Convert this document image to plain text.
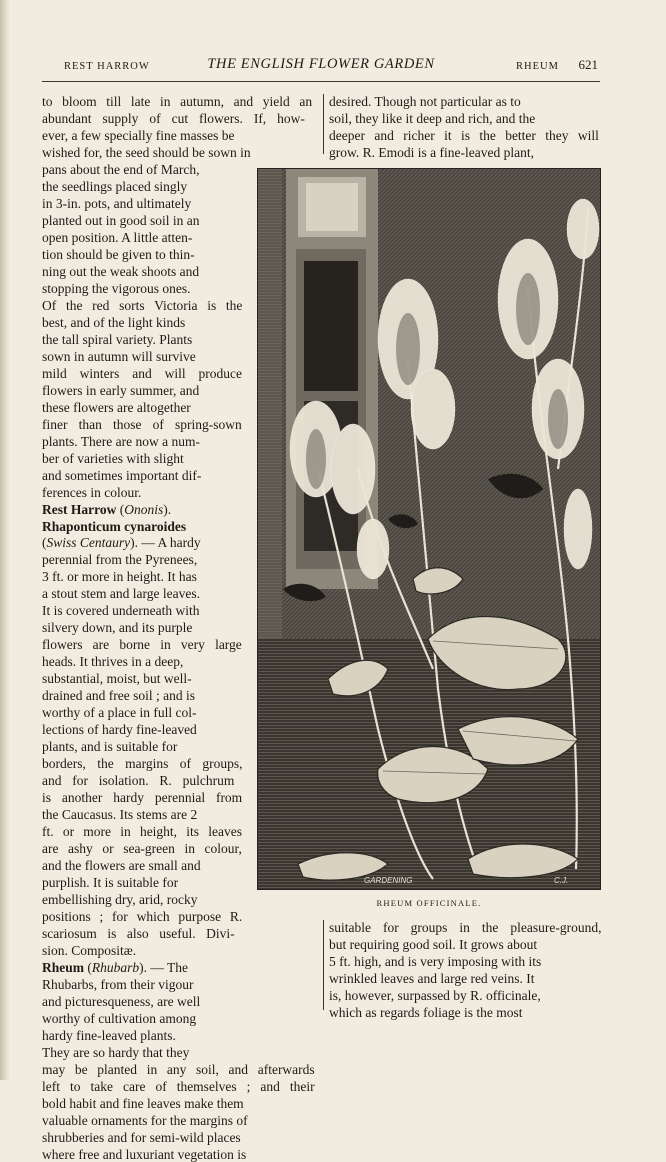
REST HARROW	THE ENGLISH FLOWER GARDEN	RHEUM 621
to bloom till late in autumn, and yield an
abundant supply of cut flowers. If, how-
ever, a few specially fine masses be
wished for, the seed should be sown in
pans about the end of March,
the seedlings placed singly
in 3-in. pots, and ultimately
planted out in good soil in an
open position. A little atten-
tion should be given to thin-
ning out the weak shoots and
stopping the vigorous ones.
Of the red sorts Victoria is the
best, and of the light kinds
the tall spiral variety. Plants
sown in autumn will survive
mild winters and will produce
flowers in early summer, and
these flowers are altogether
finer than those of spring-sown
plants. There are now a num-
ber of varieties with slight
and sometimes important dif-
ferences in colour.
Rest Harrow (Ononis).
Rhaponticum cynaroides
(Swiss Centaury). — A hardy
perennial from the Pyrenees,
3 ft. or more in height. It has
a stout stem and large leaves.
It is covered underneath with
silvery down, and its purple
flowers are borne in very large
heads. It thrives in a deep,
substantial, moist, but well-
drained and free soil ; and is
worthy of a place in full col-
lections of hardy fine-leaved
plants, and is suitable for
borders, the margins of groups,
and for isolation. R. pulchrum
is another hardy perennial from
the Caucasus. Its stems are 2
ft. or more in height, its leaves
are ashy or sea-green in colour,
and the flowers are small and
purplish. It is suitable for
embellishing dry, arid, rocky
positions ; for which purpose R.
scariosum is also useful. Divi-
sion. Compositæ.
Rheum (Rhubarb). — The
Rhubarbs, from their vigour
and picturesqueness, are well
worthy of cultivation among
hardy fine-leaved plants.
They are so hardy that they
may be planted in any soil, and afterwards
left to take care of themselves ; and their
bold habit and fine leaves make them
valuable ornaments for the margins of
shrubberies and for semi-wild places
where free and luxuriant vegetation is
desired. Though not particular as to
soil, they like it deep and rich, and the
deeper and richer it is the better they will
grow. R. Emodi is a fine-leaved plant,
suitable for groups in the pleasure-ground,
but requiring good soil. It grows about
5 ft. high, and is very imposing with its
wrinkled leaves and large red veins. It
is, however, surpassed by R. officinale,
which as regards foliage is the most
GARDENING	C.J.
RHEUM OFFICINALE.
